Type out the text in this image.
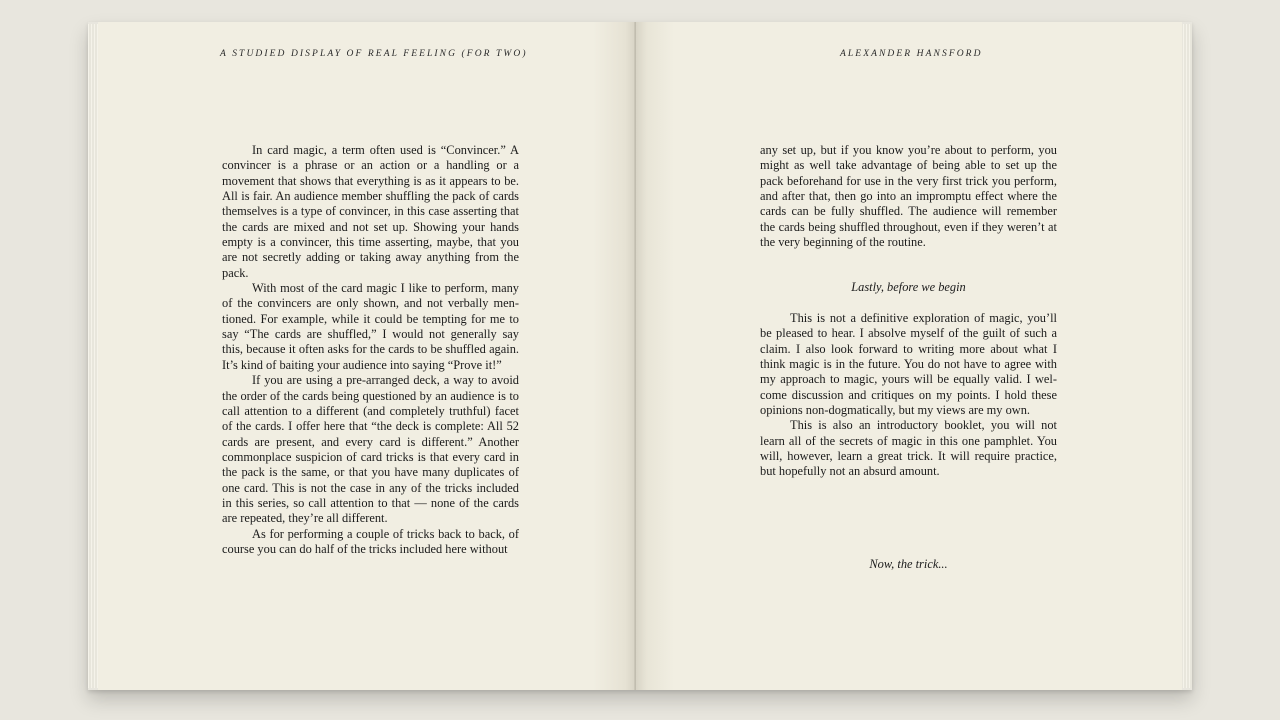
A STUDIED DISPLAY OF REAL FEELING (FOR TWO)

In card magic, a term often used is “Convincer.” A convincer is a phrase or an action or a handling or a movement that shows that everything is as it appears to be. All is fair. An audience member shuffling the pack of cards themselves is a type of convincer, in this case asserting that the cards are mixed and not set up. Showing your hands empty is a convincer, this time asserting, maybe, that you are not secretly adding or taking away anything from the pack.

With most of the card magic I like to perform, many of the convincers are only shown, and not verbally mentioned. For example, while it could be tempting for me to say “The cards are shuffled,” I would not generally say this, because it often asks for the cards to be shuffled again. It’s kind of baiting your audience into saying “Prove it!”

If you are using a pre-arranged deck, a way to avoid the order of the cards being questioned by an audience is to call attention to a different (and completely truthful) facet of the cards. I offer here that “the deck is complete: All 52 cards are present, and every card is different.” Another commonplace suspicion of card tricks is that every card in the pack is the same, or that you have many duplicates of one card. This is not the case in any of the tricks included in this series, so call attention to that — none of the cards are repeated, they’re all different.

As for performing a couple of tricks back to back, of course you can do half of the tricks included here without

ALEXANDER HANSFORD

any set up, but if you know you’re about to perform, you might as well take advantage of being able to set up the pack beforehand for use in the very first trick you perform, and after that, then go into an impromptu effect where the cards can be fully shuffled. The audience will remember the cards being shuffled throughout, even if they weren’t at the very beginning of the routine.

Lastly, before we begin

This is not a definitive exploration of magic, you’ll be pleased to hear. I absolve myself of the guilt of such a claim. I also look forward to writing more about what I think magic is in the future. You do not have to agree with my approach to magic, yours will be equally valid. I welcome discussion and critiques on my points. I hold these opinions non-dogmatically, but my views are my own.

This is also an introductory booklet, you will not learn all of the secrets of magic in this one pamphlet. You will, however, learn a great trick. It will require practice, but hopefully not an absurd amount.

Now, the trick...
